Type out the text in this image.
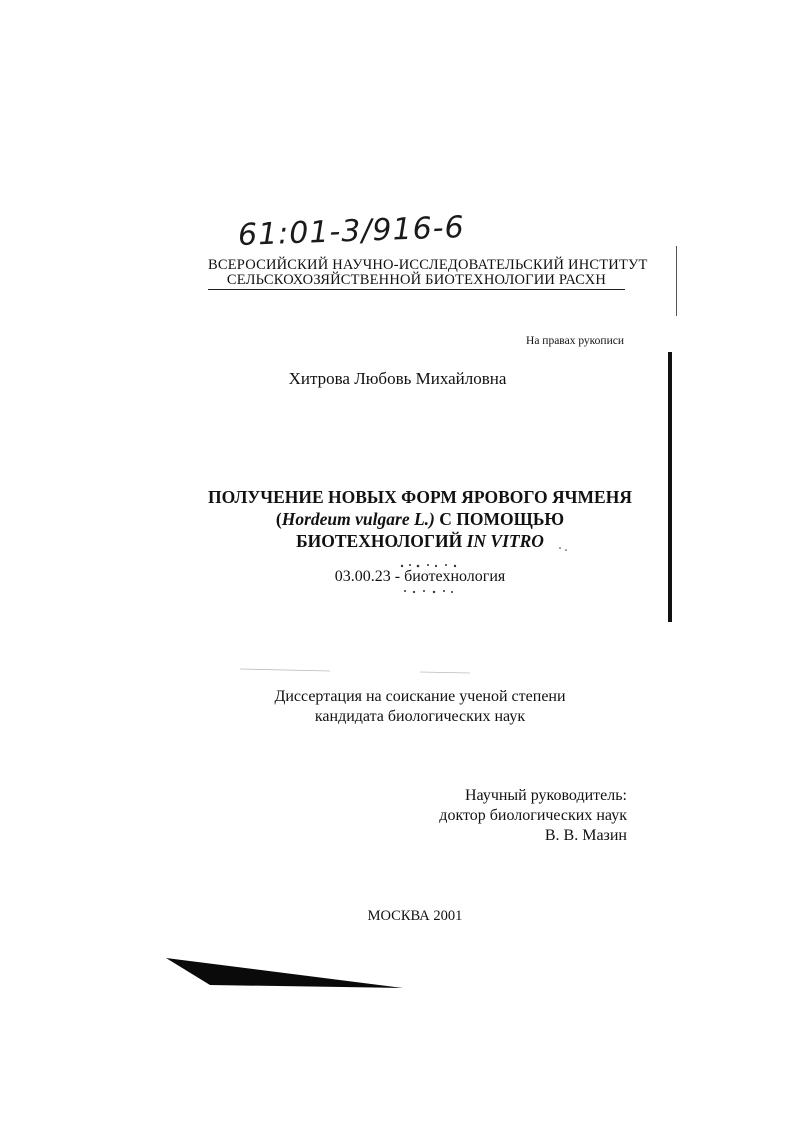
61:01-3/916-6
ВСЕРОСИЙСКИЙ НАУЧНО-ИССЛЕДОВАТЕЛЬСКИЙ ИНСТИТУТ
СЕЛЬСКОХОЗЯЙСТВЕННОЙ БИОТЕХНОЛОГИИ РАСХН
На правах рукописи
Хитрова Любовь Михайловна
ПОЛУЧЕНИЕ НОВЫХ ФОРМ ЯРОВОГО ЯЧМЕНЯ
(Hordeum vulgare L.) С ПОМОЩЬЮ
БИОТЕХНОЛОГИЙ IN VITRO
03.00.23 - биотехнология
Диссертация на соискание ученой степени
кандидата биологических наук
Научный руководитель:
доктор биологических наук
В. В. Мазин
МОСКВА 2001
